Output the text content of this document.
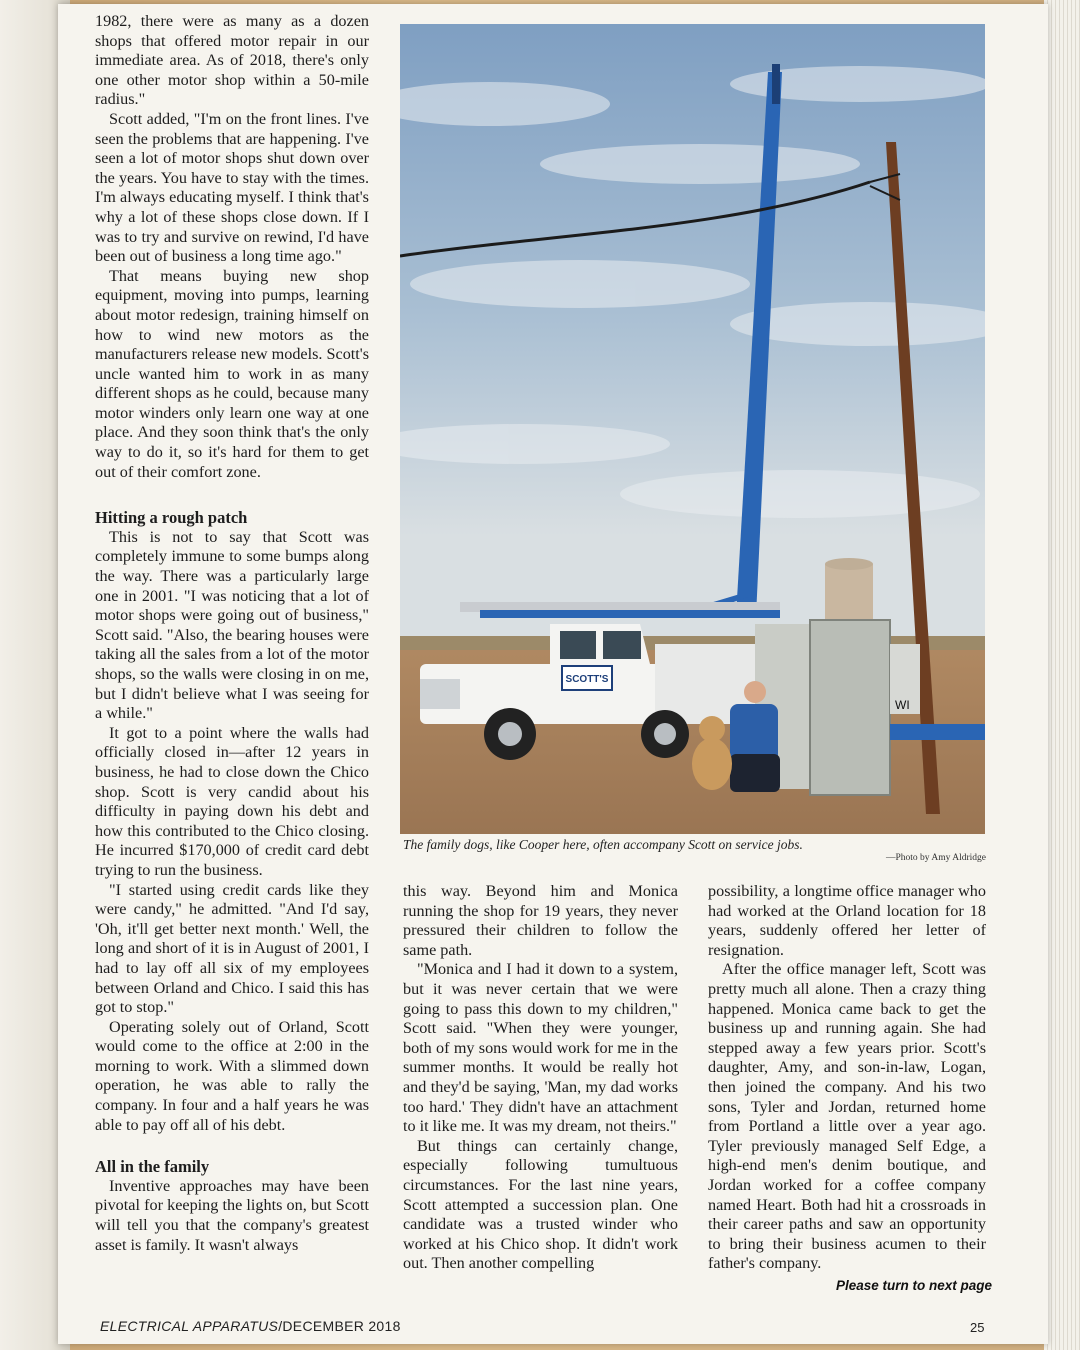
1982, there were as many as a dozen shops that offered motor repair in our immediate area. As of 2018, there's only one other motor shop within a 50-mile radius."

Scott added, "I'm on the front lines. I've seen the problems that are happening. I've seen a lot of motor shops shut down over the years. You have to stay with the times. I'm always educating myself. I think that's why a lot of these shops close down. If I was to try and survive on rewind, I'd have been out of business a long time ago."

That means buying new shop equipment, moving into pumps, learning about motor redesign, training himself on how to wind new motors as the manufacturers release new models. Scott's uncle wanted him to work in as many different shops as he could, because many motor winders only learn one way at one place. And they soon think that's the only way to do it, so it's hard for them to get out of their comfort zone.

Hitting a rough patch

This is not to say that Scott was completely immune to some bumps along the way. There was a particularly large one in 2001. "I was noticing that a lot of motor shops were going out of business," Scott said. "Also, the bearing houses were taking all the sales from a lot of the motor shops, so the walls were closing in on me, but I didn't believe what I was seeing for a while."

It got to a point where the walls had officially closed in—after 12 years in business, he had to close down the Chico shop. Scott is very candid about his difficulty in paying down his debt and how this contributed to the Chico closing. He incurred $170,000 of credit card debt trying to run the business.

"I started using credit cards like they were candy," he admitted. "And I'd say, 'Oh, it'll get better next month.' Well, the long and short of it is in August of 2001, I had to lay off all six of my employees between Orland and Chico. I said this has got to stop."

Operating solely out of Orland, Scott would come to the office at 2:00 in the morning to work. With a slimmed down operation, he was able to rally the company. In four and a half years he was able to pay off all of his debt.

All in the family

Inventive approaches may have been pivotal for keeping the lights on, but Scott will tell you that the company's greatest asset is family. It wasn't always

SCOTT'S
WI
The family dogs, like Cooper here, often accompany Scott on service jobs.
—Photo by Amy Aldridge

this way. Beyond him and Monica running the shop for 19 years, they never pressured their children to follow the same path.

"Monica and I had it down to a system, but it was never certain that we were going to pass this down to my children," Scott said. "When they were younger, both of my sons would work for me in the summer months. It would be really hot and they'd be saying, 'Man, my dad works too hard.' They didn't have an attachment to it like me. It was my dream, not theirs."

But things can certainly change, especially following tumultuous circumstances. For the last nine years, Scott attempted a succession plan. One candidate was a trusted winder who worked at his Chico shop. It didn't work out. Then another compelling

possibility, a longtime office manager who had worked at the Orland location for 18 years, suddenly offered her letter of resignation.

After the office manager left, Scott was pretty much all alone. Then a crazy thing happened. Monica came back to get the business up and running again. She had stepped away a few years prior. Scott's daughter, Amy, and son-in-law, Logan, then joined the company. And his two sons, Tyler and Jordan, returned home from Portland a little over a year ago. Tyler previously managed Self Edge, a high-end men's denim boutique, and Jordan worked for a coffee company named Heart. Both had hit a crossroads in their career paths and saw an opportunity to bring their business acumen to their father's company.

Please turn to next page
ELECTRICAL APPARATUS/DECEMBER 2018	25
